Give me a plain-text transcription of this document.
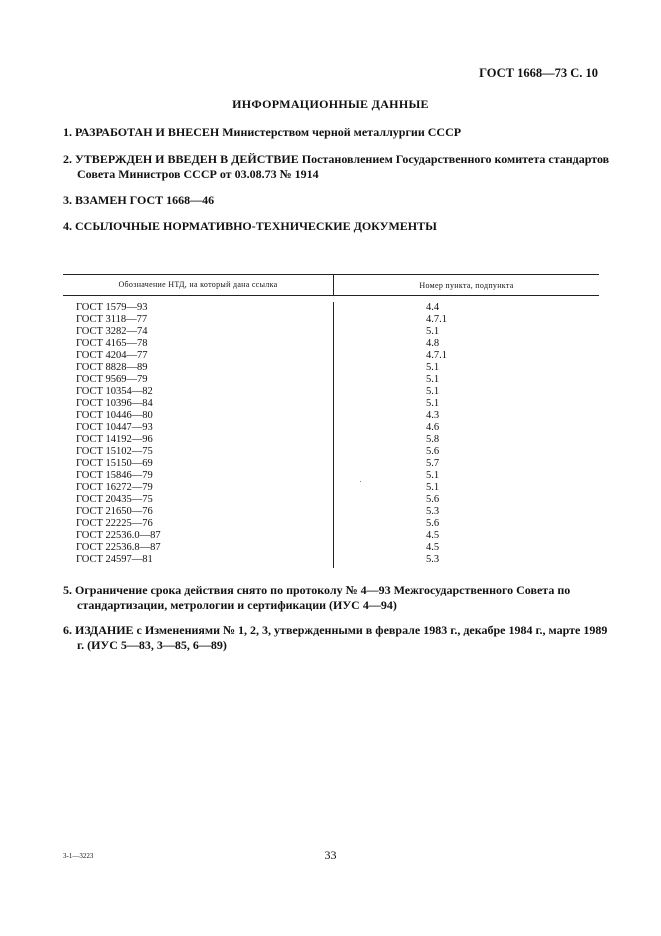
ГОСТ 1668—73 С. 10
ИНФОРМАЦИОННЫЕ ДАННЫЕ
1. РАЗРАБОТАН И ВНЕСЕН Министерством черной металлургии СССР
2. УТВЕРЖДЕН И ВВЕДЕН В ДЕЙСТВИЕ Постановлением Государственного комитета стандартов Совета Министров СССР от 03.08.73 № 1914
3. ВЗАМЕН ГОСТ 1668—46
4. ССЫЛОЧНЫЕ НОРМАТИВНО-ТЕХНИЧЕСКИЕ ДОКУМЕНТЫ
Обозначение НТД, на который дана ссылка	Номер пункта, подпункта
ГОСТ 1579—93
ГОСТ 3118—77
ГОСТ 3282—74
ГОСТ 4165—78
ГОСТ 4204—77
ГОСТ 8828—89
ГОСТ 9569—79
ГОСТ 10354—82
ГОСТ 10396—84
ГОСТ 10446—80
ГОСТ 10447—93
ГОСТ 14192—96
ГОСТ 15102—75
ГОСТ 15150—69
ГОСТ 15846—79
ГОСТ 16272—79
ГОСТ 20435—75
ГОСТ 21650—76
ГОСТ 22225—76
ГОСТ 22536.0—87
ГОСТ 22536.8—87
ГОСТ 24597—81
4.4
4.7.1
5.1
4.8
4.7.1
5.1
5.1
5.1
5.1
4.3
4.6
5.8
5.6
5.7
5.1
5.1
5.6
5.3
5.6
4.5
4.5
5.3
5. Ограничение срока действия снято по протоколу № 4—93 Межгосударственного Совета по стандартизации, метрологии и сертификации (ИУС 4—94)
6. ИЗДАНИЕ с Изменениями № 1, 2, 3, утвержденными в феврале 1983 г., декабре 1984 г., марте 1989 г. (ИУС 5—83, 3—85, 6—89)
3-1—3223	33
